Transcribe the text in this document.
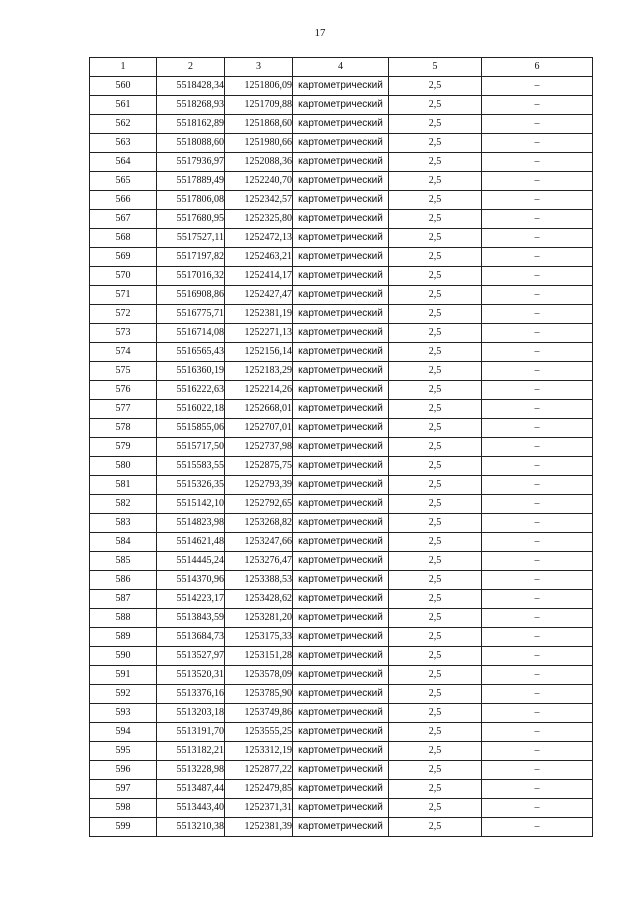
17
1	2	3	4	5	6
560	5518428,34	1251806,09	картометрический	2,5	–
561	5518268,93	1251709,88	картометрический	2,5	–
562	5518162,89	1251868,60	картометрический	2,5	–
563	5518088,60	1251980,66	картометрический	2,5	–
564	5517936,97	1252088,36	картометрический	2,5	–
565	5517889,49	1252240,70	картометрический	2,5	–
566	5517806,08	1252342,57	картометрический	2,5	–
567	5517680,95	1252325,80	картометрический	2,5	–
568	5517527,11	1252472,13	картометрический	2,5	–
569	5517197,82	1252463,21	картометрический	2,5	–
570	5517016,32	1252414,17	картометрический	2,5	–
571	5516908,86	1252427,47	картометрический	2,5	–
572	5516775,71	1252381,19	картометрический	2,5	–
573	5516714,08	1252271,13	картометрический	2,5	–
574	5516565,43	1252156,14	картометрический	2,5	–
575	5516360,19	1252183,29	картометрический	2,5	–
576	5516222,63	1252214,26	картометрический	2,5	–
577	5516022,18	1252668,01	картометрический	2,5	–
578	5515855,06	1252707,01	картометрический	2,5	–
579	5515717,50	1252737,98	картометрический	2,5	–
580	5515583,55	1252875,75	картометрический	2,5	–
581	5515326,35	1252793,39	картометрический	2,5	–
582	5515142,10	1252792,65	картометрический	2,5	–
583	5514823,98	1253268,82	картометрический	2,5	–
584	5514621,48	1253247,66	картометрический	2,5	–
585	5514445,24	1253276,47	картометрический	2,5	–
586	5514370,96	1253388,53	картометрический	2,5	–
587	5514223,17	1253428,62	картометрический	2,5	–
588	5513843,59	1253281,20	картометрический	2,5	–
589	5513684,73	1253175,33	картометрический	2,5	–
590	5513527,97	1253151,28	картометрический	2,5	–
591	5513520,31	1253578,09	картометрический	2,5	–
592	5513376,16	1253785,90	картометрический	2,5	–
593	5513203,18	1253749,86	картометрический	2,5	–
594	5513191,70	1253555,25	картометрический	2,5	–
595	5513182,21	1253312,19	картометрический	2,5	–
596	5513228,98	1252877,22	картометрический	2,5	–
597	5513487,44	1252479,85	картометрический	2,5	–
598	5513443,40	1252371,31	картометрический	2,5	–
599	5513210,38	1252381,39	картометрический	2,5	–
